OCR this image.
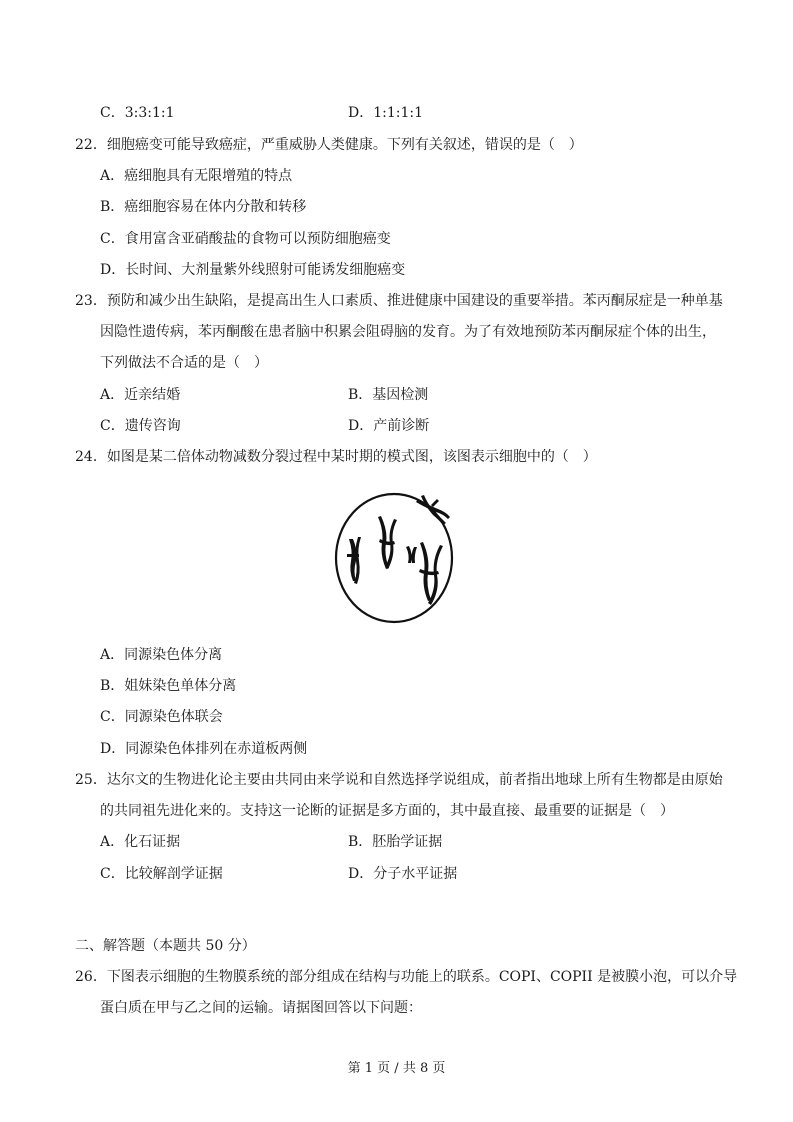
C．3:3:1:1	D．1:1:1:1
22．细胞癌变可能导致癌症，严重威胁人类健康。下列有关叙述，错误的是（　）
A．癌细胞具有无限增殖的特点
B．癌细胞容易在体内分散和转移
C．食用富含亚硝酸盐的食物可以预防细胞癌变
D．长时间、大剂量紫外线照射可能诱发细胞癌变
23．预防和减少出生缺陷，是提高出生人口素质、推进健康中国建设的重要举措。苯丙酮尿症是一种单基
因隐性遗传病，苯丙酮酸在患者脑中积累会阻碍脑的发育。为了有效地预防苯丙酮尿症个体的出生，
下列做法不合适的是（　）
A．近亲结婚	B．基因检测
C．遗传咨询	D．产前诊断
24．如图是某二倍体动物减数分裂过程中某时期的模式图，该图表示细胞中的（　）
A．同源染色体分离
B．姐妹染色单体分离
C．同源染色体联会
D．同源染色体排列在赤道板两侧
25．达尔文的生物进化论主要由共同由来学说和自然选择学说组成，前者指出地球上所有生物都是由原始
的共同祖先进化来的。支持这一论断的证据是多方面的，其中最直接、最重要的证据是（　）
A．化石证据	B．胚胎学证据
C．比较解剖学证据	D．分子水平证据
二、解答题（本题共 50 分）
26．下图表示细胞的生物膜系统的部分组成在结构与功能上的联系。COPI、COPII 是被膜小泡，可以介导
蛋白质在甲与乙之间的运输。请据图回答以下问题：
第 1 页 / 共 8 页
